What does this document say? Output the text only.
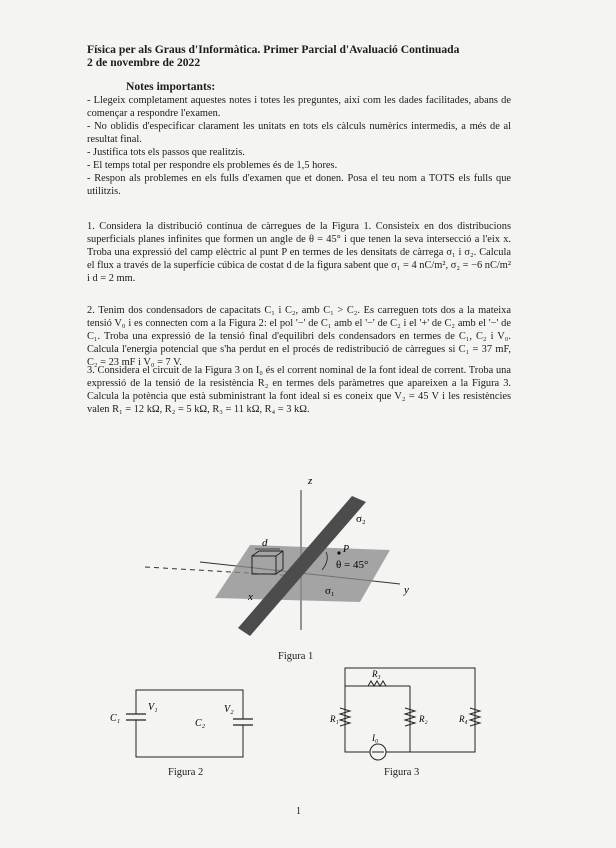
Física per als Graus d'Informàtica. Primer Parcial d'Avaluació Continuada
2 de novembre de 2022
Notes importants:

- Llegeix completament aquestes notes i totes les preguntes, així com les dades facilitades, abans de començar a respondre l'examen.

- No oblidis d'especificar clarament les unitats en tots els càlculs numèrics intermedis, a més de al resultat final.

- Justifica tots els passos que realitzis.

- El temps total per respondre els problemes és de 1,5 hores.

- Respon als problemes en els fulls d'examen que et donen. Posa el teu nom a TOTS els fulls que utilitzis.

1. Considera la distribució contínua de càrregues de la Figura 1. Consisteix en dos distribucions superficials planes infinites que formen un angle de θ = 45° i que tenen la seva intersecció a l'eix x. Troba una expressió del camp elèctric al punt P en termes de les densitats de càrrega σ₁ i σ₂. Calcula el flux a través de la superfície cúbica de costat d de la figura sabent que σ₁ = 4 nC/m², σ₂ = −6 nC/m² i d = 2 mm.
2. Tenim dos condensadors de capacitats C₁ i C₂, amb C₁ > C₂. Es carreguen tots dos a la mateixa tensió V₀ i es connecten com a la Figura 2: el pol '−' de C₁ amb el '−' de C₂ i el '+' de C₂ amb el '−' de C₁. Troba una expressió de la tensió final d'equilibri dels condensadors en termes de C₁, C₂ i V₀. Calcula l'energia potencial que s'ha perdut en el procés de redistribució de càrregues si C₁ = 37 mF, C₂ = 23 mF i V₀ = 7 V.
3. Considera el circuit de la Figura 3 on I₀ és el corrent nominal de la font ideal de corrent. Troba una expressió de la tensió de la resistència R₂ en termes dels paràmetres que apareixen a la Figura 3. Calcula la potència que està subministrant la font ideal si es coneix que V₂ = 45 V i les resistències valen R₁ = 12 kΩ, R₂ = 5 kΩ, R₃ = 11 kΩ, R₄ = 3 kΩ.
z
y
x
d
P
θ = 45°
σ₁
σ₂
Figura 1
C₁	C₂
V₁	V₂
Figura 2
R₁	R₂
R₃
R₄
I₀
Figura 3
1
